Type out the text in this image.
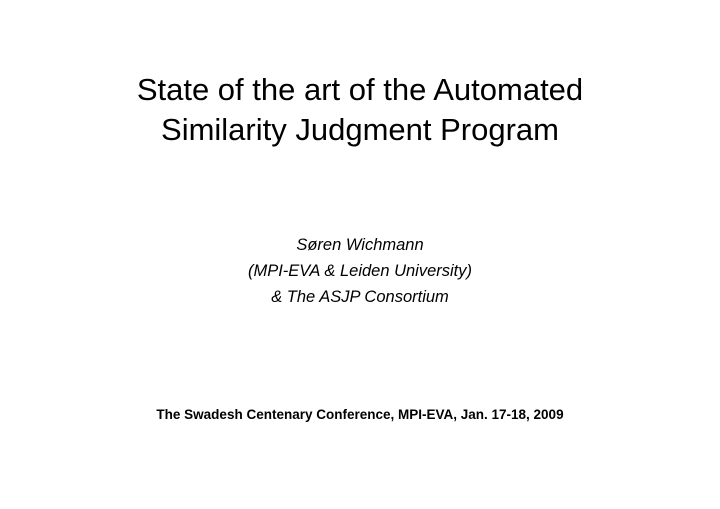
State of the art of the Automated
Similarity Judgment Program
Søren Wichmann
(MPI-EVA & Leiden University)
& The ASJP Consortium
The Swadesh Centenary Conference, MPI-EVA, Jan. 17-18, 2009
